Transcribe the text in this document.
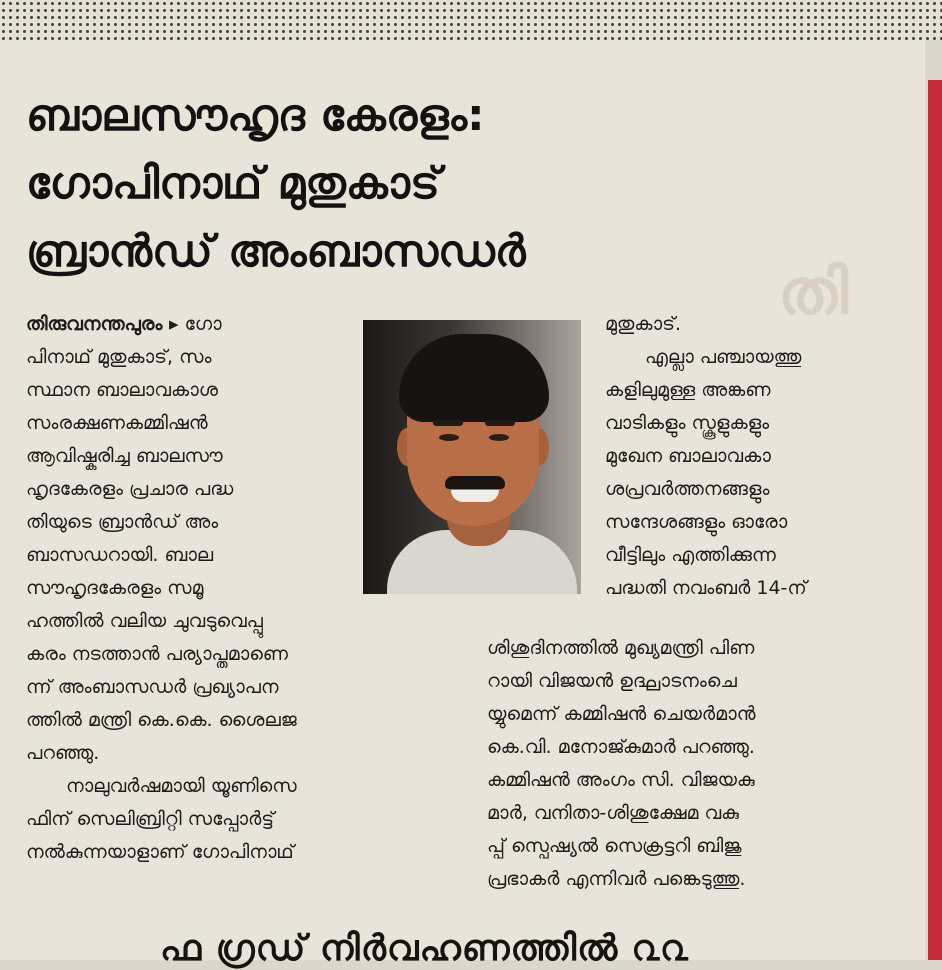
തി
ബാലസൗഹൃദ കേരളം:
ഗോപിനാഥ് മുതുകാട്
ബ്രാൻഡ് അംബാസഡർ
തിരുവനന്തപുരം ▸ ഗോ
പിനാഥ് മുതുകാട്, സം
സ്ഥാന ബാലാവകാശ
സംരക്ഷണകമ്മിഷൻ
ആവിഷ്കരിച്ച ബാലസൗ
ഹൃദകേരളം പ്രചാര പദ്ധ
തിയുടെ ബ്രാൻഡ് അം
ബാസഡറായി. ബാല
സൗഹൃദകേരളം സമൂ
ഹത്തിൽ വലിയ ചുവടുവെപ്പു
കരം നടത്താൻ പര്യാപ്തമാണെ
ന്ന് അംബാസഡർ പ്രഖ്യാപന
ത്തിൽ മന്ത്രി കെ.കെ. ശൈലജ
പറഞ്ഞു.
നാലുവർഷമായി യൂണിസെ
ഫിന് സെലിബ്രിറ്റി സപ്പോർട്ട്
നൽകുന്നയാളാണ് ഗോപിനാഥ്
മുതുകാട്.
എല്ലാ പഞ്ചായത്തു
കളിലുമുള്ള അങ്കണ
വാടികളും സ്കൂളുകളും
മുഖേന ബാലാവകാ
ശപ്രവർത്തനങ്ങളും
സന്ദേശങ്ങളും ഓരോ
വീട്ടിലും എത്തിക്കുന്ന
പദ്ധതി നവംബർ 14-ന്
ശിശുദിനത്തിൽ മുഖ്യമന്ത്രി പിണ
റായി വിജയൻ ഉദ്ഘാടനംചെ
യ്യുമെന്ന് കമ്മിഷൻ ചെയർമാൻ
കെ.വി. മനോജ്കുമാർ പറഞ്ഞു.
കമ്മിഷൻ അംഗം സി. വിജയകു
മാർ, വനിതാ-ശിശുക്ഷേമ വകു
പ്പ് സ്പെഷ്യൽ സെക്രട്ടറി ബിജു
പ്രഭാകർ എന്നിവർ പങ്കെടുത്തു.
ഫ ഗ്രഡ് നിർവഹണത്തിൽ ൨൨
